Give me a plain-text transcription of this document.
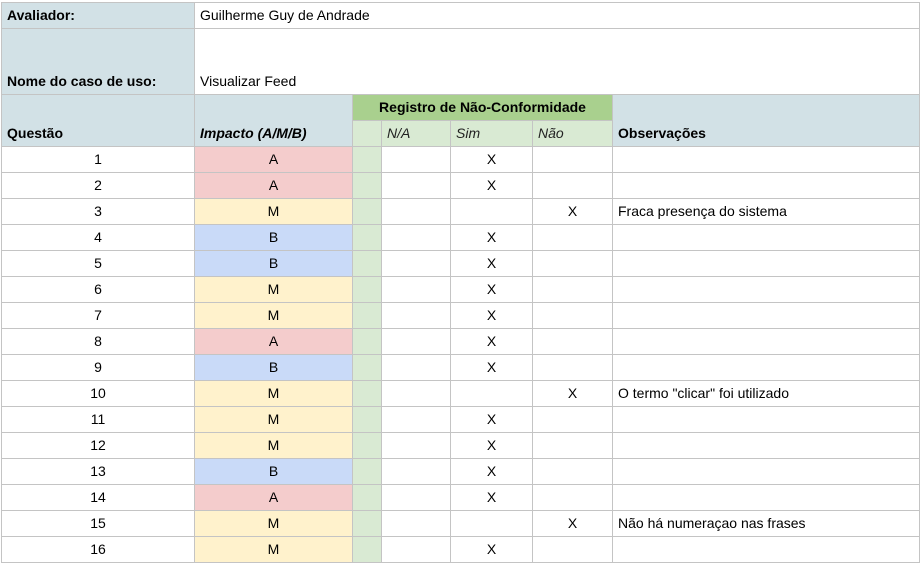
Avaliador:	Guilherme Guy de Andrade					
Nome do caso de uso:	Visualizar Feed					
Questão	Impacto (A/M/B)	Registro de Não-Conformidade				Observações
			N/A	Sim	Não	
1	A			X		
2	A			X		
3	M				X	Fraca presença do sistema
4	B			X		
5	B			X		
6	M			X		
7	M			X		
8	A			X		
9	B			X		
10	M				X	O termo "clicar" foi utilizado
11	M			X		
12	M			X		
13	B			X		
14	A			X		
15	M				X	Não há numeraçao nas frases
16	M			X		
